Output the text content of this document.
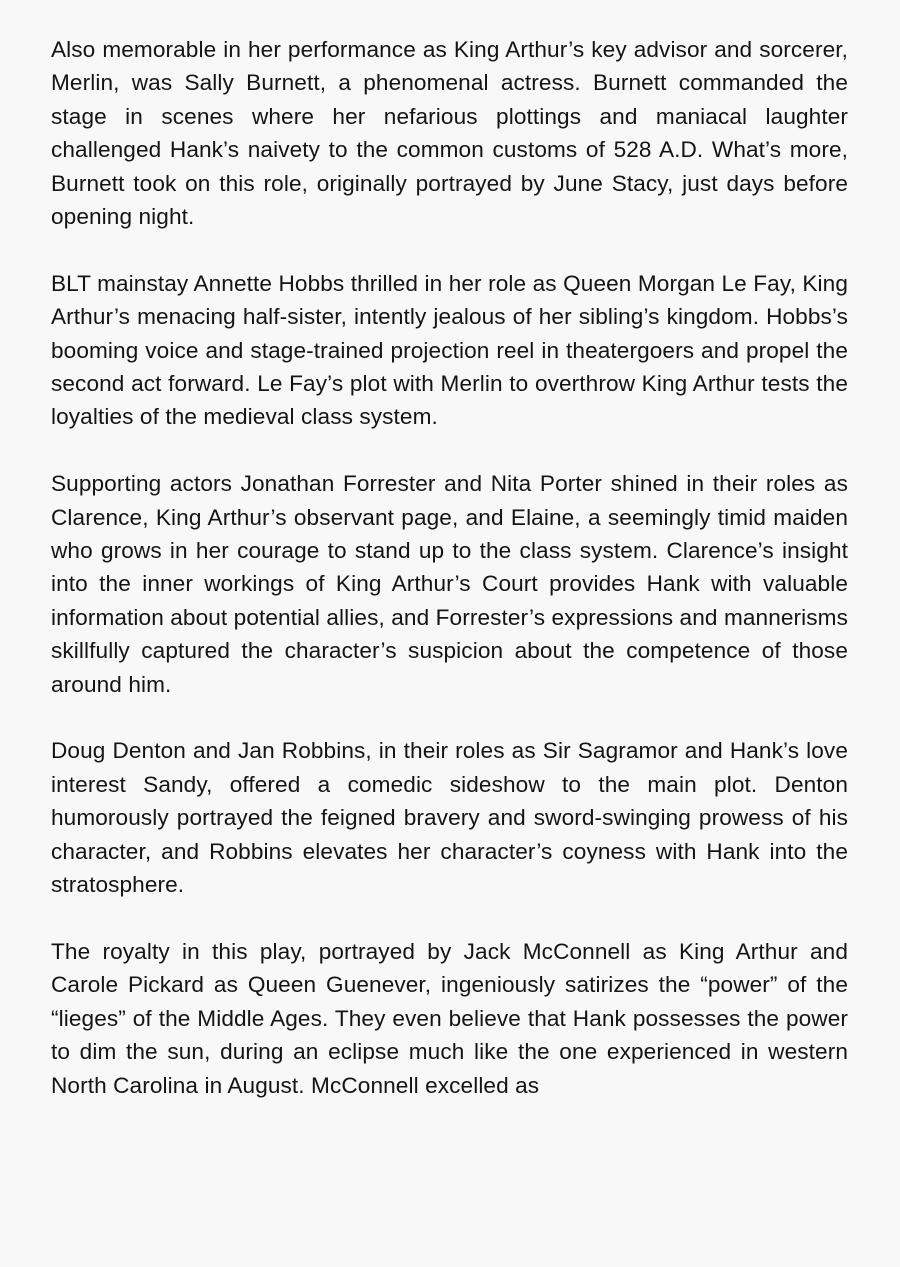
Also memorable in her performance as King Arthur’s key advisor and sorcerer, Merlin, was Sally Burnett, a phenomenal actress. Burnett commanded the stage in scenes where her nefarious plottings and maniacal laughter challenged Hank’s naivety to the common customs of 528 A.D. What’s more, Burnett took on this role, originally portrayed by June Stacy, just days before opening night.

BLT mainstay Annette Hobbs thrilled in her role as Queen Morgan Le Fay, King Arthur’s menacing half-sister, intently jealous of her sibling’s kingdom. Hobbs’s booming voice and stage-trained projection reel in theatergoers and propel the second act forward. Le Fay’s plot with Merlin to overthrow King Arthur tests the loyalties of the medieval class system.

Supporting actors Jonathan Forrester and Nita Porter shined in their roles as Clarence, King Arthur’s observant page, and Elaine, a seemingly timid maiden who grows in her courage to stand up to the class system. Clarence’s insight into the inner workings of King Arthur’s Court provides Hank with valuable information about potential allies, and Forrester’s expressions and mannerisms skillfully captured the character’s suspicion about the competence of those around him.

Doug Denton and Jan Robbins, in their roles as Sir Sagramor and Hank’s love interest Sandy, offered a comedic sideshow to the main plot. Denton humorously portrayed the feigned bravery and sword-swinging prowess of his character, and Robbins elevates her character’s coyness with Hank into the stratosphere.

The royalty in this play, portrayed by Jack McConnell as King Arthur and Carole Pickard as Queen Guenever, ingeniously satirizes the “power” of the “lieges” of the Middle Ages. They even believe that Hank possesses the power to dim the sun, during an eclipse much like the one experienced in western North Carolina in August. McConnell excelled as
